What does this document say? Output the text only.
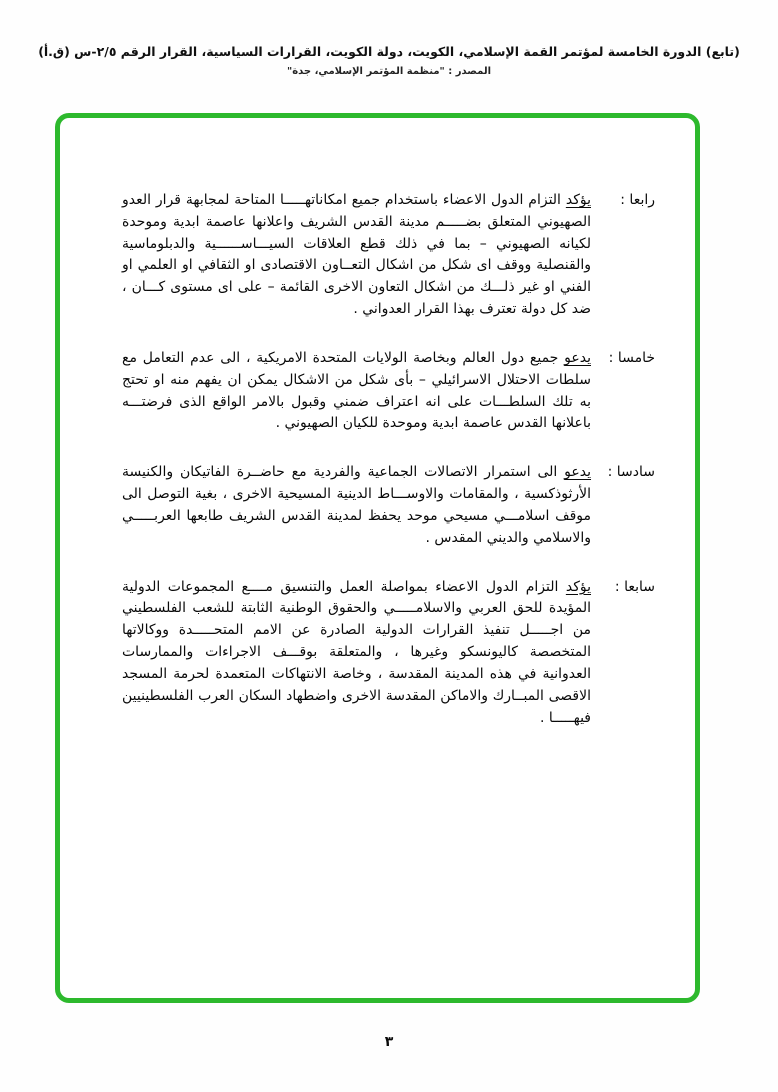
(تابع) الدورة الخامسة لمؤتمر القمة الإسلامي، الكويت، دولة الكويت، القرارات السياسية، القرار الرقم ٢/٥-س (ق.أ)
المصدر : "منظمة المؤتمر الإسلامي، جدة"
رابعا :
يؤكد التزام الدول الاعضاء باستخدام جميع امكاناتهـــــا المتاحة لمجابهة قرار العدو الصهيوني المتعلق بضـــــم مدينة القدس الشريف واعلانها عاصمة ابدية وموحدة لكيانه الصهيوني – بما في ذلك قطع العلاقات السيـــاســــــية والدبلوماسية والقنصلية ووقف اى شكل من اشكال التعــاون الاقتصادى او الثقافي او العلمي او الفني او غير ذلـــك من اشكال التعاون الاخرى القائمة – على اى مستوى كـــان ، ضد كل دولة تعترف بهذا القرار العدواني .
خامسا :
يدعو جميع دول العالم وبخاصة الولايات المتحدة الامريكية ، الى عدم التعامل مع سلطات الاحتلال الاسرائيلي – بأى شكل من الاشكال يمكن ان يفهم منه او تحتج به تلك السلطـــات على انه اعتراف ضمني وقبول بالامر الواقع الذى فرضتـــه باعلانها القدس عاصمة ابدية وموحدة للكيان الصهيوني .
سادسا :
يدعو الى استمرار الاتصالات الجماعية والفردية مع حاضــرة الفاتيكان والكنيسة الأرثوذكسية ، والمقامات والاوســـاط الدينية المسيحية الاخرى ، بغية التوصل الى موقف اسلامـــي مسيحي موحد يحفظ لمدينة القدس الشريف طابعها العربـــــي والاسلامي والديني المقدس .
سابعا :
يؤكد التزام الدول الاعضاء بمواصلة العمل والتنسيق مــــع المجموعات الدولية المؤيدة للحق العربي والاسلامـــــي والحقوق الوطنية الثابتة للشعب الفلسطيني من اجـــــل تنفيذ القرارات الدولية الصادرة عن الامم المتحـــــدة ووكالاتها المتخصصة كاليونسكو وغيرها ، والمتعلقة بوقـــف الاجراءات والممارسات العدوانية في هذه المدينة المقدسة ، وخاصة الانتهاكات المتعمدة لحرمة المسجد الاقصى المبــارك والاماكن المقدسة الاخرى واضطهاد السكان العرب الفلسطينيين فيهـــــا .
٣
